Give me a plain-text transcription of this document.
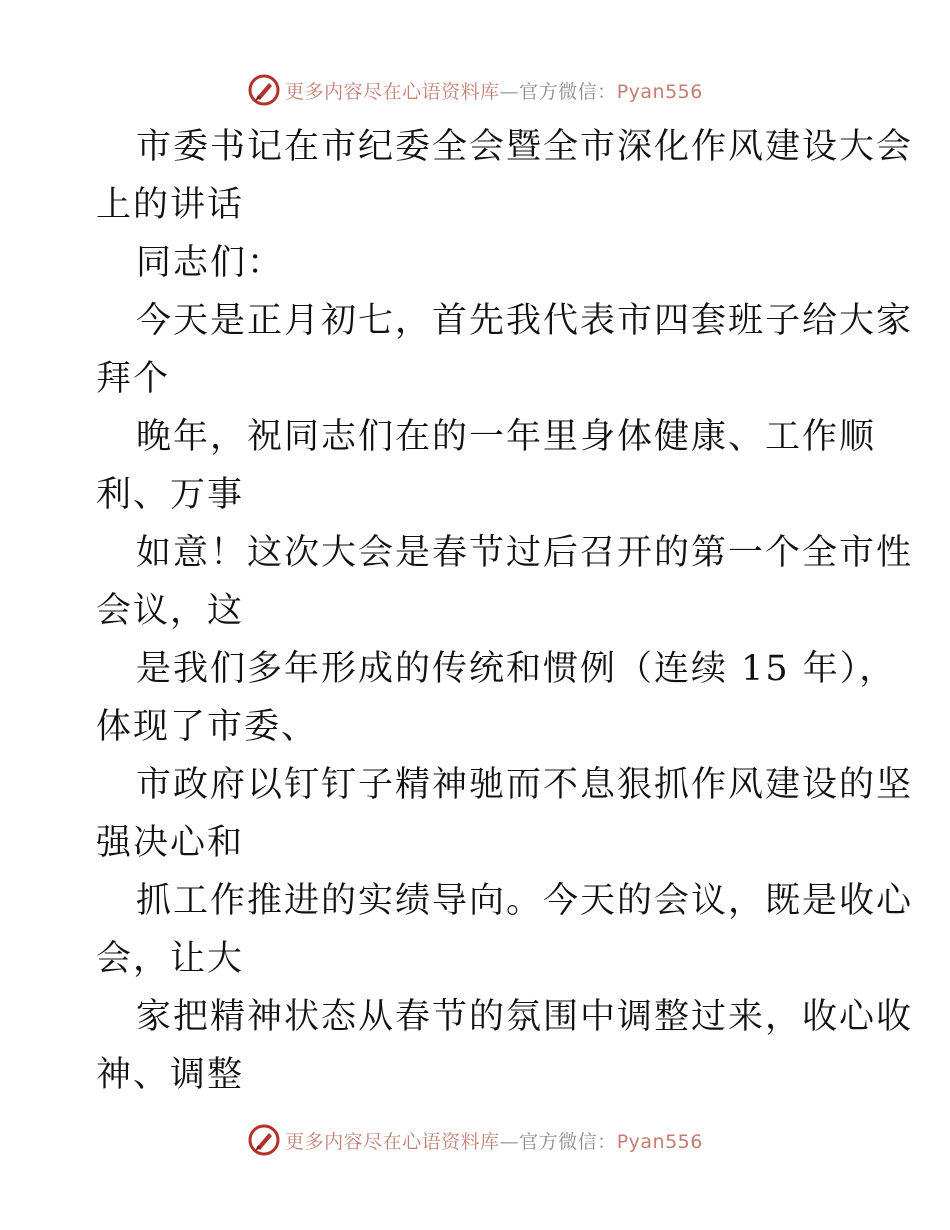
更多内容尽在心语资料库—官方微信：Pyan556
市委书记在市纪委全会暨全市深化作风建设大会
上的讲话
同志们：
今天是正月初七，首先我代表市四套班子给大家
拜个
晚年，祝同志们在的一年里身体健康、工作顺
利、万事
如意！这次大会是春节过后召开的第一个全市性
会议，这
是我们多年形成的传统和惯例（连续 15 年），
体现了市委、
市政府以钉钉子精神驰而不息狠抓作风建设的坚
强决心和
抓工作推进的实绩导向。今天的会议，既是收心
会，让大
家把精神状态从春节的氛围中调整过来，收心收
神、调整
更多内容尽在心语资料库—官方微信：Pyan556
